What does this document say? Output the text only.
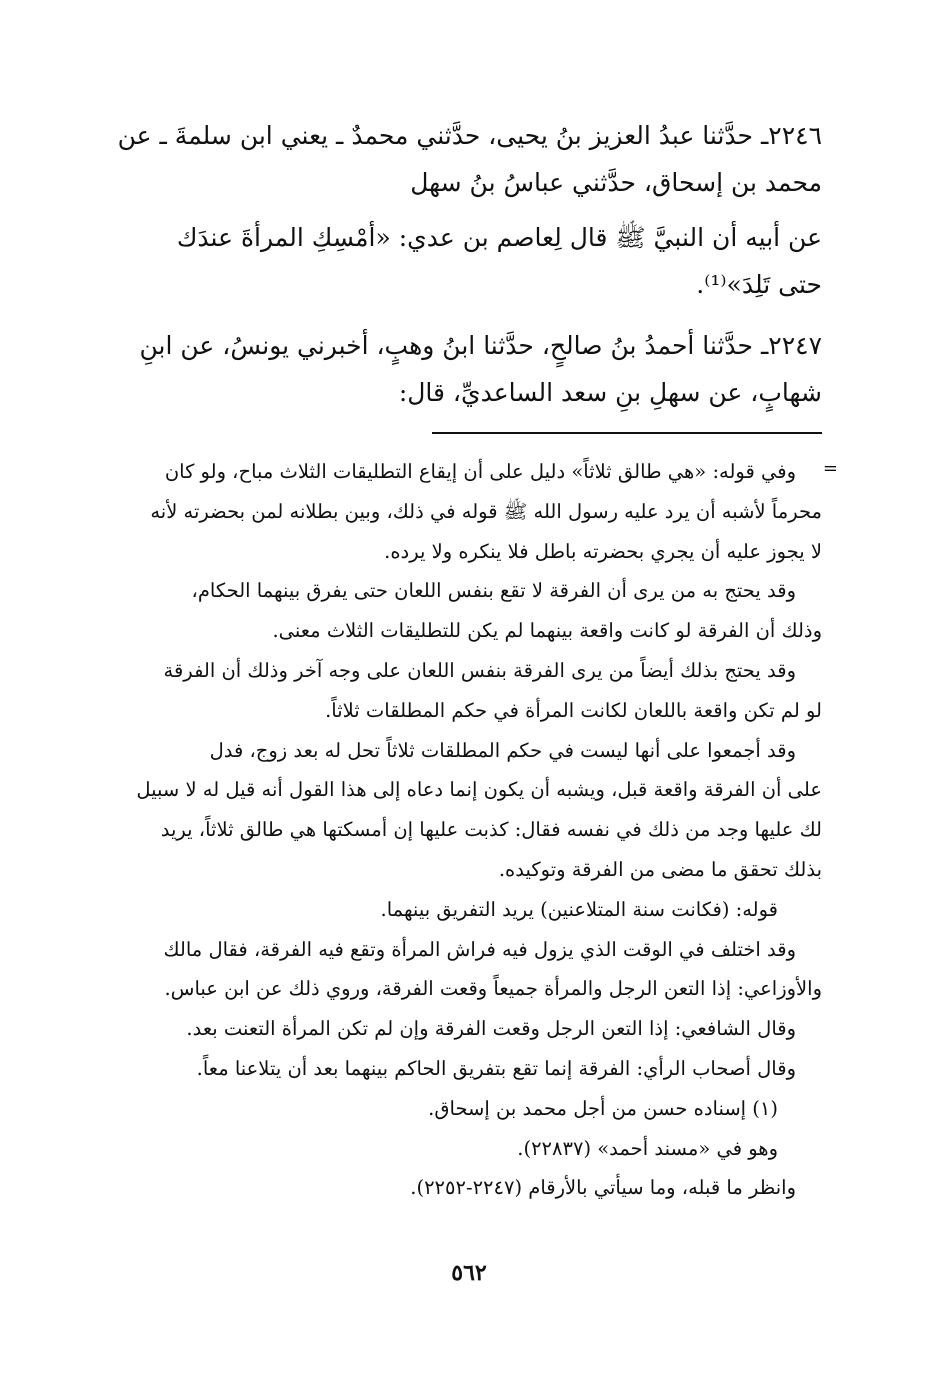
٢٢٤٦ـ حدَّثنا عبدُ العزيز بنُ يحيى، حدَّثني محمدٌ ـ يعني ابن سلمةَ ـ عن

محمد بن إسحاق، حدَّثني عباسُ بنُ سهل

عن أبيه أن النبيَّ ﷺ قال لِعاصم بن عدي: «أمْسِكِ المرأةَ عندَك

حتى تَلِدَ»⁽¹⁾.

٢٢٤٧ـ حدَّثنا أحمدُ بنُ صالحٍ، حدَّثنا ابنُ وهبٍ، أخبرني يونسُ، عن ابنِ

شهابٍ، عن سهلِ بنِ سعد الساعديِّ، قال:

=

وفي قوله: «هي طالق ثلاثاً» دليل على أن إيقاع التطليقات الثلاث مباح، ولو كان

محرماً لأشبه أن يرد عليه رسول الله ﷺ قوله في ذلك، وبين بطلانه لمن بحضرته لأنه

لا يجوز عليه أن يجري بحضرته باطل فلا ينكره ولا يرده.

وقد يحتج به من يرى أن الفرقة لا تقع بنفس اللعان حتى يفرق بينهما الحكام،

وذلك أن الفرقة لو كانت واقعة بينهما لم يكن للتطليقات الثلاث معنى.

وقد يحتج بذلك أيضاً من يرى الفرقة بنفس اللعان على وجه آخر وذلك أن الفرقة

لو لم تكن واقعة باللعان لكانت المرأة في حكم المطلقات ثلاثاً.

وقد أجمعوا على أنها ليست في حكم المطلقات ثلاثاً تحل له بعد زوج، فدل

على أن الفرقة واقعة قبل، ويشبه أن يكون إنما دعاه إلى هذا القول أنه قيل له لا سبيل

لك عليها وجد من ذلك في نفسه فقال: كذبت عليها إن أمسكتها هي طالق ثلاثاً، يريد

بذلك تحقق ما مضى من الفرقة وتوكيده.

قوله: (فكانت سنة المتلاعنين) يريد التفريق بينهما.

وقد اختلف في الوقت الذي يزول فيه فراش المرأة وتقع فيه الفرقة، فقال مالك

والأوزاعي: إذا التعن الرجل والمرأة جميعاً وقعت الفرقة، وروي ذلك عن ابن عباس.

وقال الشافعي: إذا التعن الرجل وقعت الفرقة وإن لم تكن المرأة التعنت بعد.

وقال أصحاب الرأي: الفرقة إنما تقع بتفريق الحاكم بينهما بعد أن يتلاعنا معاً.

(١) إسناده حسن من أجل محمد بن إسحاق.

وهو في «مسند أحمد» (٢٢٨٣٧).

وانظر ما قبله، وما سيأتي بالأرقام (٢٢٤٧-٢٢٥٢).

٥٦٢
